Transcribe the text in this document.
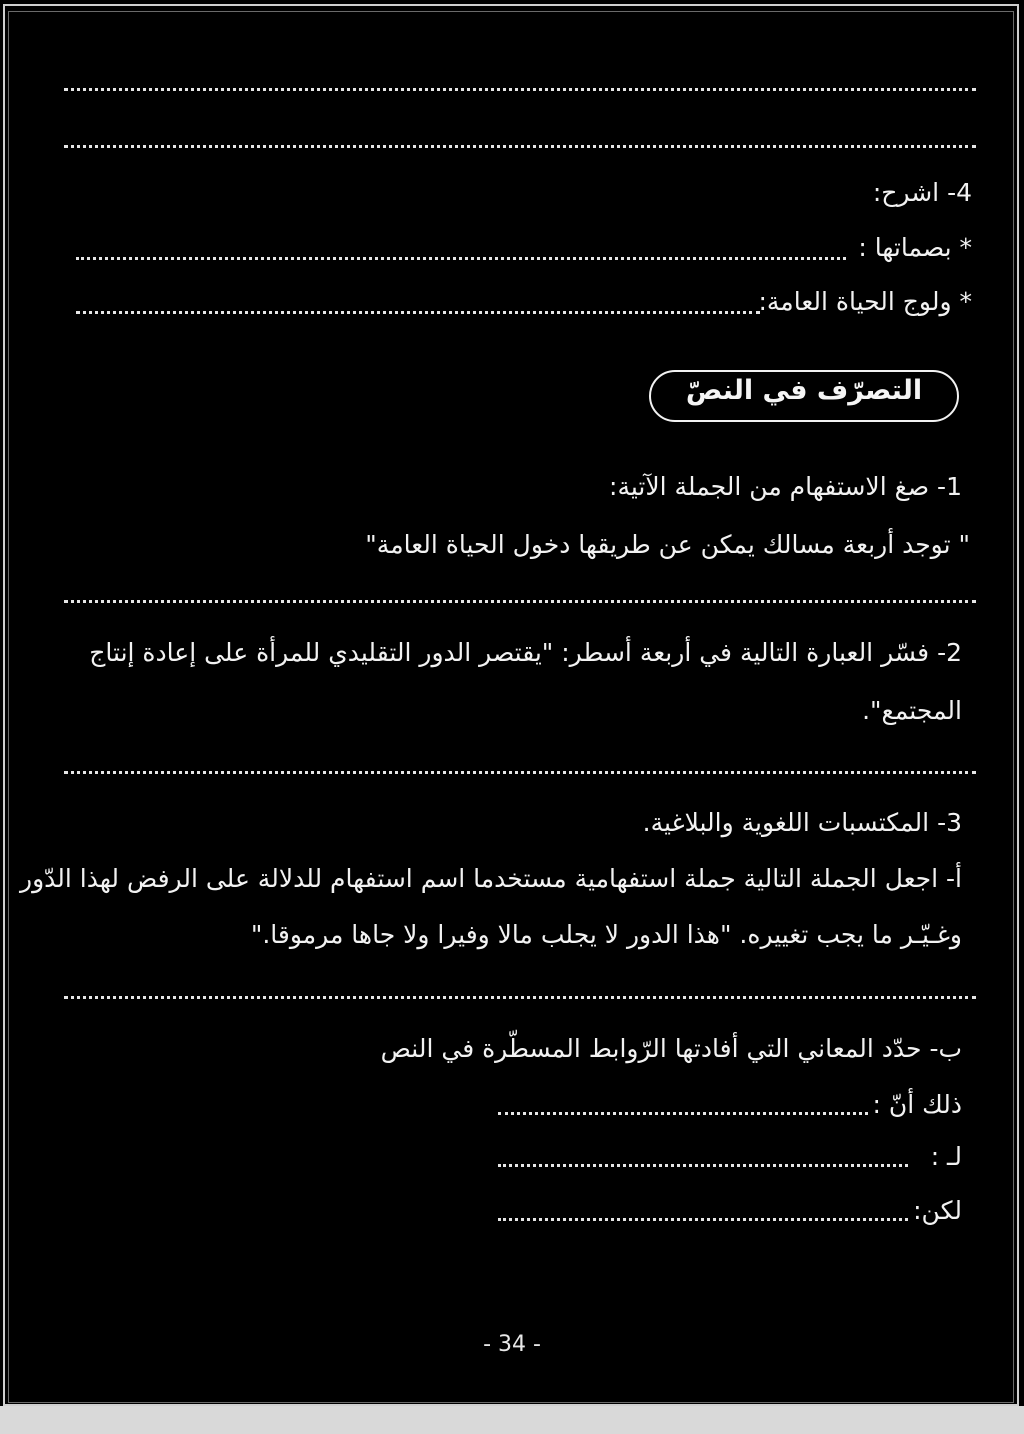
4- اشرح:
* بصماتها :
* ولوج الحياة العامة:
التصرّف في النصّ
1- صغ الاستفهام من الجملة الآتية:
" توجد أربعة مسالك يمكن عن طريقها دخول الحياة العامة"
2- فسّر العبارة التالية في أربعة أسطر: "يقتصر الدور التقليدي للمرأة على إعادة إنتاج
المجتمع".
3- المكتسبات اللغوية والبلاغية.
أ- اجعل الجملة التالية جملة استفهامية مستخدما اسم استفهام للدلالة على الرفض لهذا الدّور
وغـيّـر ما يجب تغييره. "هذا الدور لا يجلب مالا وفيرا ولا جاها مرموقا."
ب- حدّد المعاني التي أفادتها الرّوابط المسطّرة في النص
ذلك أنّ :
لـ :
لكن:
- 34 -
